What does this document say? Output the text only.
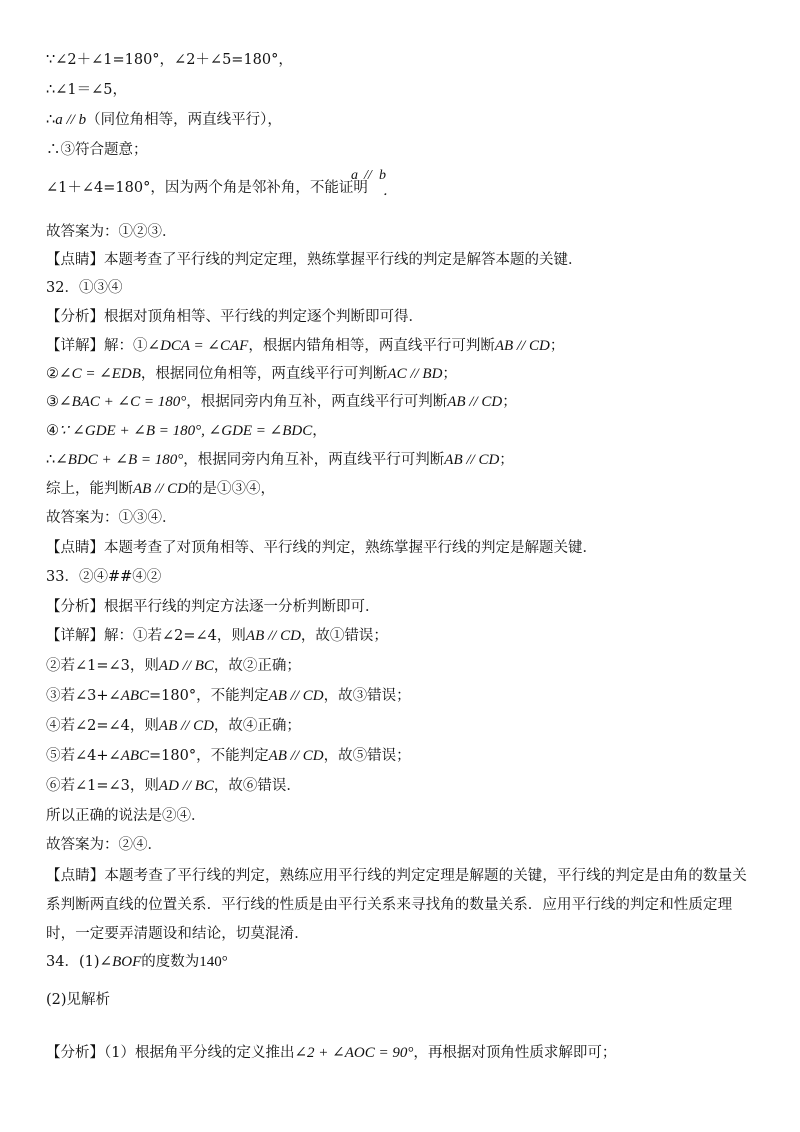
∵∠2＋∠1=180°，∠2＋∠5=180°，
∴∠1＝∠5，
∴a // b（同位角相等，两直线平行），
∴③符合题意；
∠1＋∠4=180°，因为两个角是邻补角，不能证明
a // b
．
故答案为：①②③．
【点睛】本题考查了平行线的判定定理，熟练掌握平行线的判定是解答本题的关键．
32．①③④
【分析】根据对顶角相等、平行线的判定逐个判断即可得．
【详解】解：①∠DCA = ∠CAF，根据内错角相等，两直线平行可判断AB // CD；
②∠C = ∠EDB，根据同位角相等，两直线平行可判断AC // BD；
③∠BAC + ∠C = 180°，根据同旁内角互补，两直线平行可判断AB // CD；
④∵ ∠GDE + ∠B = 180°, ∠GDE = ∠BDC，
∴∠BDC + ∠B = 180°，根据同旁内角互补，两直线平行可判断AB // CD；
综上，能判断AB // CD的是①③④，
故答案为：①③④．
【点睛】本题考查了对顶角相等、平行线的判定，熟练掌握平行线的判定是解题关键．
33．②④##④②
【分析】根据平行线的判定方法逐一分析判断即可．
【详解】解：①若∠2=∠4，则AB // CD，故①错误；
②若∠1=∠3，则AD // BC，故②正确；
③若∠3+∠ABC=180°，不能判定AB // CD，故③错误；
④若∠2=∠4，则AB // CD，故④正确；
⑤若∠4+∠ABC=180°，不能判定AB // CD，故⑤错误；
⑥若∠1=∠3，则AD // BC，故⑥错误．
所以正确的说法是②④．
故答案为：②④．
【点睛】本题考查了平行线的判定，熟练应用平行线的判定定理是解题的关键，平行线的判定是由角的数量关系判断两直线的位置关系．平行线的性质是由平行关系来寻找角的数量关系．应用平行线的判定和性质定理时，一定要弄清题设和结论，切莫混淆．
34．(1)∠BOF的度数为140°
(2)见解析
【分析】（1）根据角平分线的定义推出∠2 + ∠AOC = 90°，再根据对顶角性质求解即可；
